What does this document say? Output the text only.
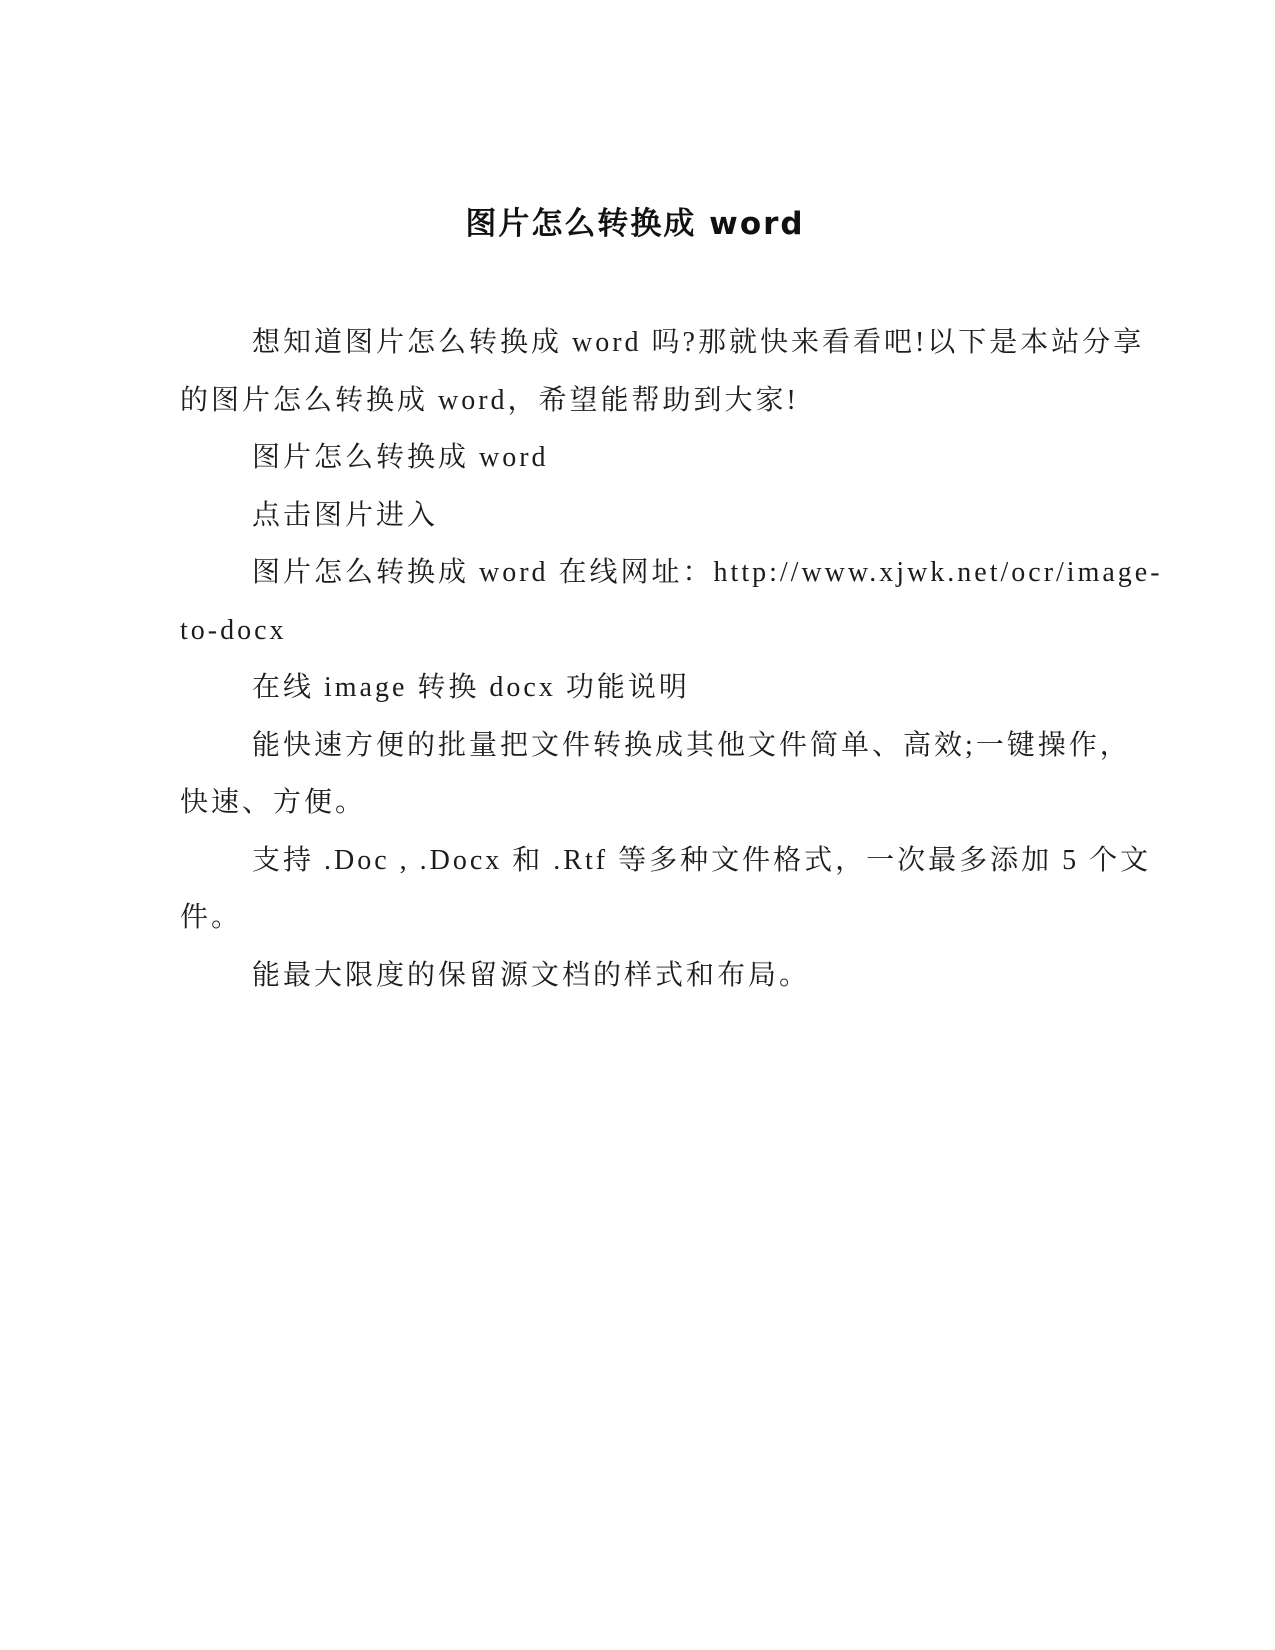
图片怎么转换成 word
想知道图片怎么转换成 word 吗?那就快来看看吧!以下是本站分享
的图片怎么转换成 word，希望能帮助到大家!
图片怎么转换成 word
点击图片进入
图片怎么转换成 word 在线网址：http://www.xjwk.net/ocr/image-
to-docx
在线 image 转换 docx 功能说明
能快速方便的批量把文件转换成其他文件简单、高效;一键操作，
快速、方便。
支持 .Doc , .Docx 和 .Rtf 等多种文件格式，一次最多添加 5 个文
件。
能最大限度的保留源文档的样式和布局。
